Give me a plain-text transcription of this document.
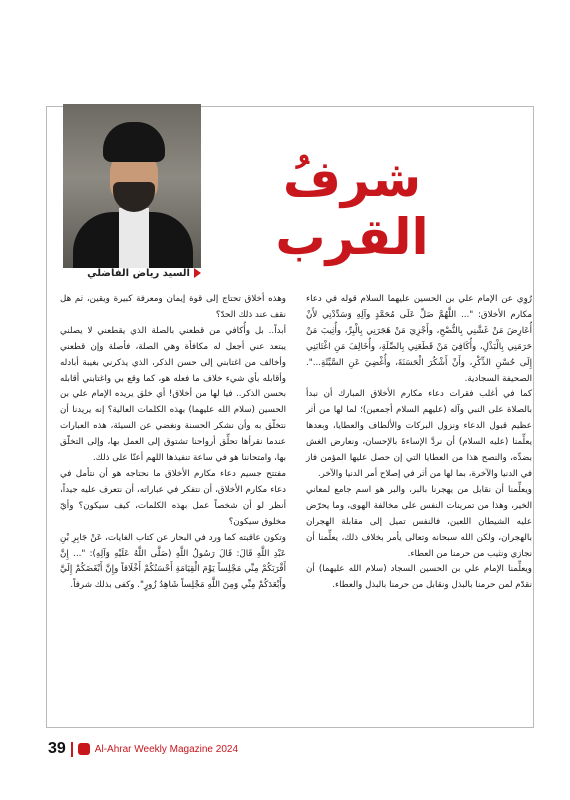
السيد رياض الفاضلي
شرفُ القرب

رُوِي عن الإمام علي بن الحسين عليهما السلام قوله في دعاء مكارم الأخلاق: "... اللَّهُمَّ صَلِّ عَلَى مُحَمَّدٍ وآلِهِ وَسَدِّدْنِي لأَنْ أُعَارِضَ مَنْ غَشَّنِي بِالنُّصْحِ، وأَجْزِيَ مَنْ هَجَرَنِي بِالْبِرِّ، وأُثِيبَ مَنْ حَرَمَنِي بِالْبَذْلِ، وأُكَافِيَ مَنْ قَطَعَنِي بِالصِّلَةِ، وأُخَالِفَ مَنِ اغْتَابَنِي إِلَى حُسْنِ الذِّكْرِ، وأَنْ أَشْكُرَ الْحَسَنَةَ، وأُغْضِيَ عَنِ السَّيِّئَةِ...". الصحيفة السجادية.

كما في أغلب فقرات دعاء مكارم الأخلاق المبارك أن نبدأ بالصلاة على النبي وآله (عليهم السلام أجمعين)؛ لما لها من أثر عظيم قبول الدعاء ونزول البركات والألطاف والعطايا، وبعدها يعلِّمنا (عليه السلام) أن نردَّ الإساءةَ بالإحسان، ونعارض الغش بضدِّه، والنصح هذا من العطايا التي إن حصل عليها المؤمن فاز في الدنيا والآخرة، بما لها من أثر في إصلاح أمر الدنيا والآخر.

ويعلِّمنا أن نقابل من يهجرنا بالبر، والبر هو اسم جامع لمعاني الخير، وهذا من تمرينات النفس على مخالفة الهوى، وما يحرّض عليه الشيطان اللعين، فالنفس تميل إلى مقابلة الهجران بالهجران، ولكن الله سبحانه وتعالى يأمر بخلاف ذلك، يعلِّمنا أن نجازي ونثيب من حرمنا من العطاء.

ويعلِّمنا الإمام علي بن الحسين السجاد (سلام الله عليهما) أن نقدّم لمن حرمنا بالبذل ونقابل من حرمنا بالبذل والعطاء.

وهذه أخلاق تحتاج إلى قوة إيمان ومعرفة كبيرة ويقين، ثم هل نقف عند ذلك الحدّ؟

أبداً.. بل وأُكافي من قطعني بالصلة الذي يقطعني لا يصلني يبتعد عني أجعل له مكافأة وهي الصلة، فأصلة وإن قطعني وأخالف من اغتابني إلى حسن الذكر، الذي يذكرني بغيبة أبادله وأقابله بأي شيء خلاف ما فعله هو، كما وقع بي واغتابني أقابله بحسن الذكر.. فيا لها من أخلاق! أي خلق يريده الإمام علي بن الحسين (سلام الله عليهما) بهذه الكلمات العالية؟ إنه يريدنا أن نتخلّق به وأن نشكر الحسنة ونغضي عن السيئة، هذه العبارات عندما نقرأها تحلِّق أرواحنا تشتوق إلى العمل بها، وإلى التخلّق بها، وامتحاننا هو في ساعة تنفيذها اللهم أعنّا على ذلك.

مفتتح جسيم دعاء مكارم الأخلاق ما نحتاجه هو أن نتأمل في دعاء مكارم الأخلاق، أن نتفكر في عباراته، أن نتعرف عليه جيداً، أنظر لو أن شخصاً عمل بهذه الكلمات، كيف سيكون؟ وأيّ مخلوق سيكون؟

وتكون عاقبته كما ورد في البحار عن كتاب الغايات، عَنْ جَابِرِ بْنِ عَبْدِ اللَّهِ قَالَ: قَالَ رَسُولُ اللَّهِ (صَلَّى اللَّهُ عَلَيْهِ وَآلِهِ): "... إِنَّ أَقْرَبَكُمْ مِنِّي مَجْلِساً يَوْمَ الْقِيَامَةِ أَحْسَنُكُمْ أَخْلَاقاً وإِنَّ أَبْغَضَكُمْ إِلَيَّ وأَبْعَدَكُمْ مِنِّي وَمِنَ اللَّهِ مَجْلِساً شَاهِدُ زُورٍ". وكفى بذلك شرفاً.

39	Al-Ahrar Weekly Magazine 2024
